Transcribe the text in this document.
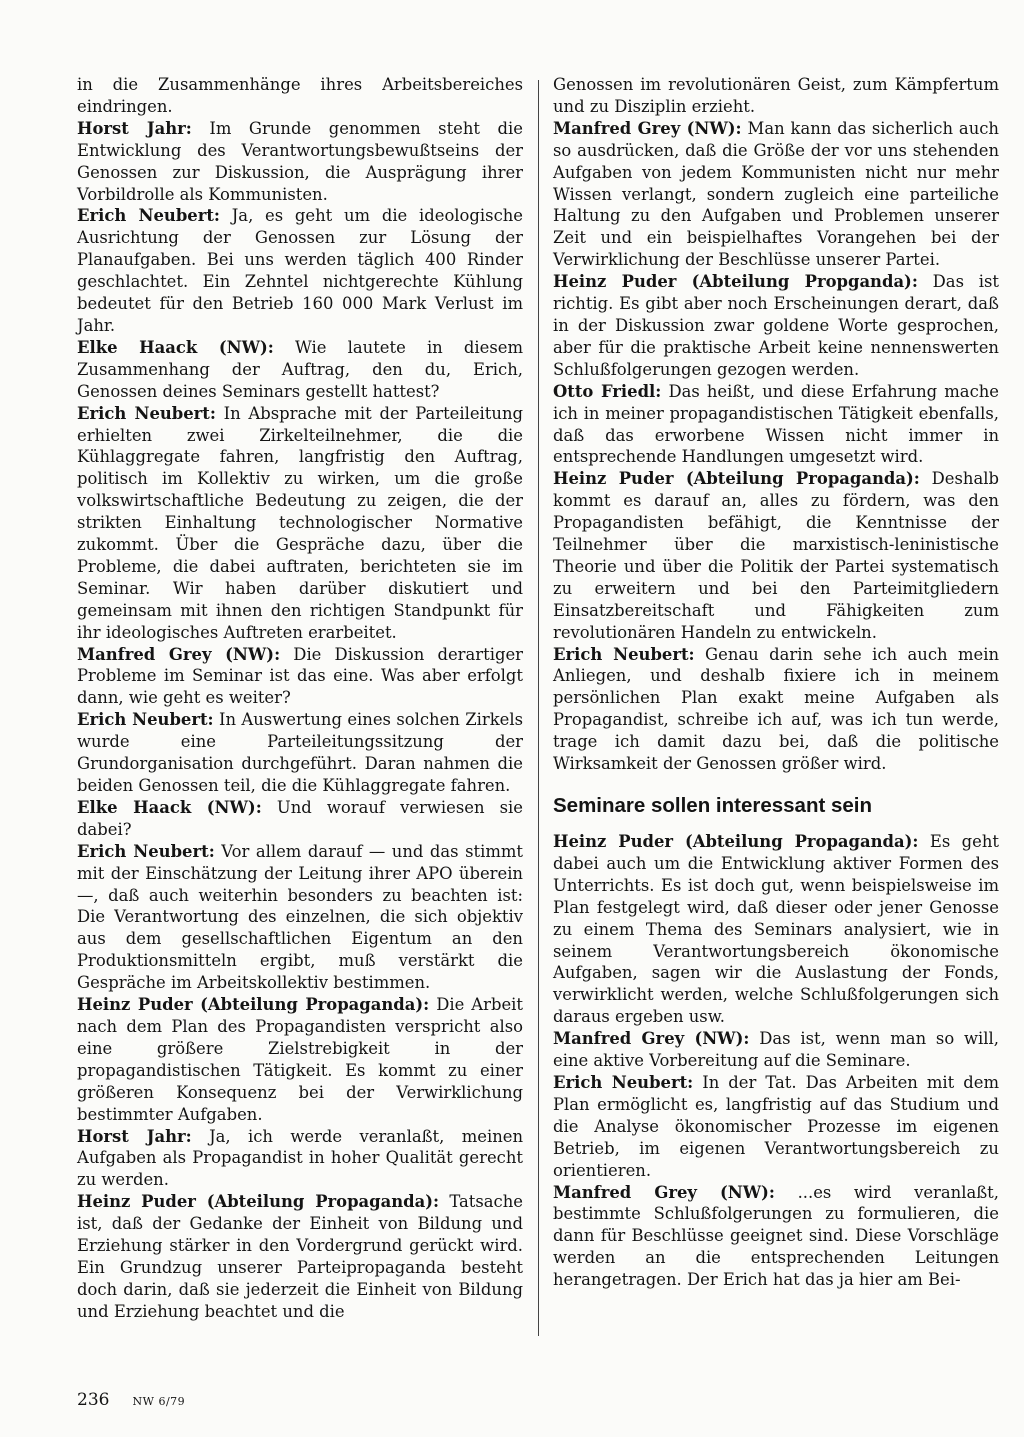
in die Zusammenhänge ihres Arbeitsbereiches eindringen.

Horst Jahr: Im Grunde genommen steht die Entwicklung des Verantwortungsbewußtseins der Genossen zur Diskussion, die Ausprägung ihrer Vorbildrolle als Kommunisten.

Erich Neubert: Ja, es geht um die ideologische Ausrichtung der Genossen zur Lösung der Planaufgaben. Bei uns werden täglich 400 Rinder geschlachtet. Ein Zehntel nichtgerechte Kühlung bedeutet für den Betrieb 160 000 Mark Verlust im Jahr.

Elke Haack (NW): Wie lautete in diesem Zusammenhang der Auftrag, den du, Erich, Genossen deines Seminars gestellt hattest?

Erich Neubert: In Absprache mit der Parteileitung erhielten zwei Zirkelteilnehmer, die die Kühlaggregate fahren, langfristig den Auftrag, politisch im Kollektiv zu wirken, um die große volkswirtschaftliche Bedeutung zu zeigen, die der strikten Einhaltung technologischer Normative zukommt. Über die Gespräche dazu, über die Probleme, die dabei auftraten, berichteten sie im Seminar. Wir haben darüber diskutiert und gemeinsam mit ihnen den richtigen Standpunkt für ihr ideologisches Auftreten erarbeitet.

Manfred Grey (NW): Die Diskussion derartiger Probleme im Seminar ist das eine. Was aber erfolgt dann, wie geht es weiter?

Erich Neubert: In Auswertung eines solchen Zirkels wurde eine Parteileitungssitzung der Grundorganisation durchgeführt. Daran nahmen die beiden Genossen teil, die die Kühlaggregate fahren.

Elke Haack (NW): Und worauf verwiesen sie dabei?

Erich Neubert: Vor allem darauf — und das stimmt mit der Einschätzung der Leitung ihrer APO überein —, daß auch weiterhin besonders zu beachten ist: Die Verantwortung des einzelnen, die sich objektiv aus dem gesellschaftlichen Eigentum an den Produktionsmitteln ergibt, muß verstärkt die Gespräche im Arbeitskollektiv bestimmen.

Heinz Puder (Abteilung Propaganda): Die Arbeit nach dem Plan des Propagandisten verspricht also eine größere Zielstrebigkeit in der propagandistischen Tätigkeit. Es kommt zu einer größeren Konsequenz bei der Verwirklichung bestimmter Aufgaben.

Horst Jahr: Ja, ich werde veranlaßt, meinen Aufgaben als Propagandist in hoher Qualität gerecht zu werden.

Heinz Puder (Abteilung Propaganda): Tatsache ist, daß der Gedanke der Einheit von Bildung und Erziehung stärker in den Vordergrund gerückt wird. Ein Grundzug unserer Parteipropaganda besteht doch darin, daß sie jederzeit die Einheit von Bildung und Erziehung beachtet und die

Genossen im revolutionären Geist, zum Kämpfertum und zu Disziplin erzieht.

Manfred Grey (NW): Man kann das sicherlich auch so ausdrücken, daß die Größe der vor uns stehenden Aufgaben von jedem Kommunisten nicht nur mehr Wissen verlangt, sondern zugleich eine parteiliche Haltung zu den Aufgaben und Problemen unserer Zeit und ein beispielhaftes Vorangehen bei der Verwirklichung der Beschlüsse unserer Partei.

Heinz Puder (Abteilung Propganda): Das ist richtig. Es gibt aber noch Erscheinungen derart, daß in der Diskussion zwar goldene Worte gesprochen, aber für die praktische Arbeit keine nennenswerten Schlußfolgerungen gezogen werden.

Otto Friedl: Das heißt, und diese Erfahrung mache ich in meiner propagandistischen Tätigkeit ebenfalls, daß das erworbene Wissen nicht immer in entsprechende Handlungen umgesetzt wird.

Heinz Puder (Abteilung Propaganda): Deshalb kommt es darauf an, alles zu fördern, was den Propagandisten befähigt, die Kenntnisse der Teilnehmer über die marxistisch-leninistische Theorie und über die Politik der Partei systematisch zu erweitern und bei den Parteimitgliedern Einsatzbereitschaft und Fähigkeiten zum revolutionären Handeln zu entwickeln.

Erich Neubert: Genau darin sehe ich auch mein Anliegen, und deshalb fixiere ich in meinem persönlichen Plan exakt meine Aufgaben als Propagandist, schreibe ich auf, was ich tun werde, trage ich damit dazu bei, daß die politische Wirksamkeit der Genossen größer wird.

Seminare sollen interessant sein

Heinz Puder (Abteilung Propaganda): Es geht dabei auch um die Entwicklung aktiver Formen des Unterrichts. Es ist doch gut, wenn beispielsweise im Plan festgelegt wird, daß dieser oder jener Genosse zu einem Thema des Seminars analysiert, wie in seinem Verantwortungsbereich ökonomische Aufgaben, sagen wir die Auslastung der Fonds, verwirklicht werden, welche Schlußfolgerungen sich daraus ergeben usw.

Manfred Grey (NW): Das ist, wenn man so will, eine aktive Vorbereitung auf die Seminare.

Erich Neubert: In der Tat. Das Arbeiten mit dem Plan ermöglicht es, langfristig auf das Studium und die Analyse ökonomischer Prozesse im eigenen Betrieb, im eigenen Verantwortungsbereich zu orientieren.

Manfred Grey (NW): ...es wird veranlaßt, bestimmte Schlußfolgerungen zu formulieren, die dann für Beschlüsse geeignet sind. Diese Vorschläge werden an die entsprechenden Leitungen herangetragen. Der Erich hat das ja hier am Bei-

236 NW 6/79
